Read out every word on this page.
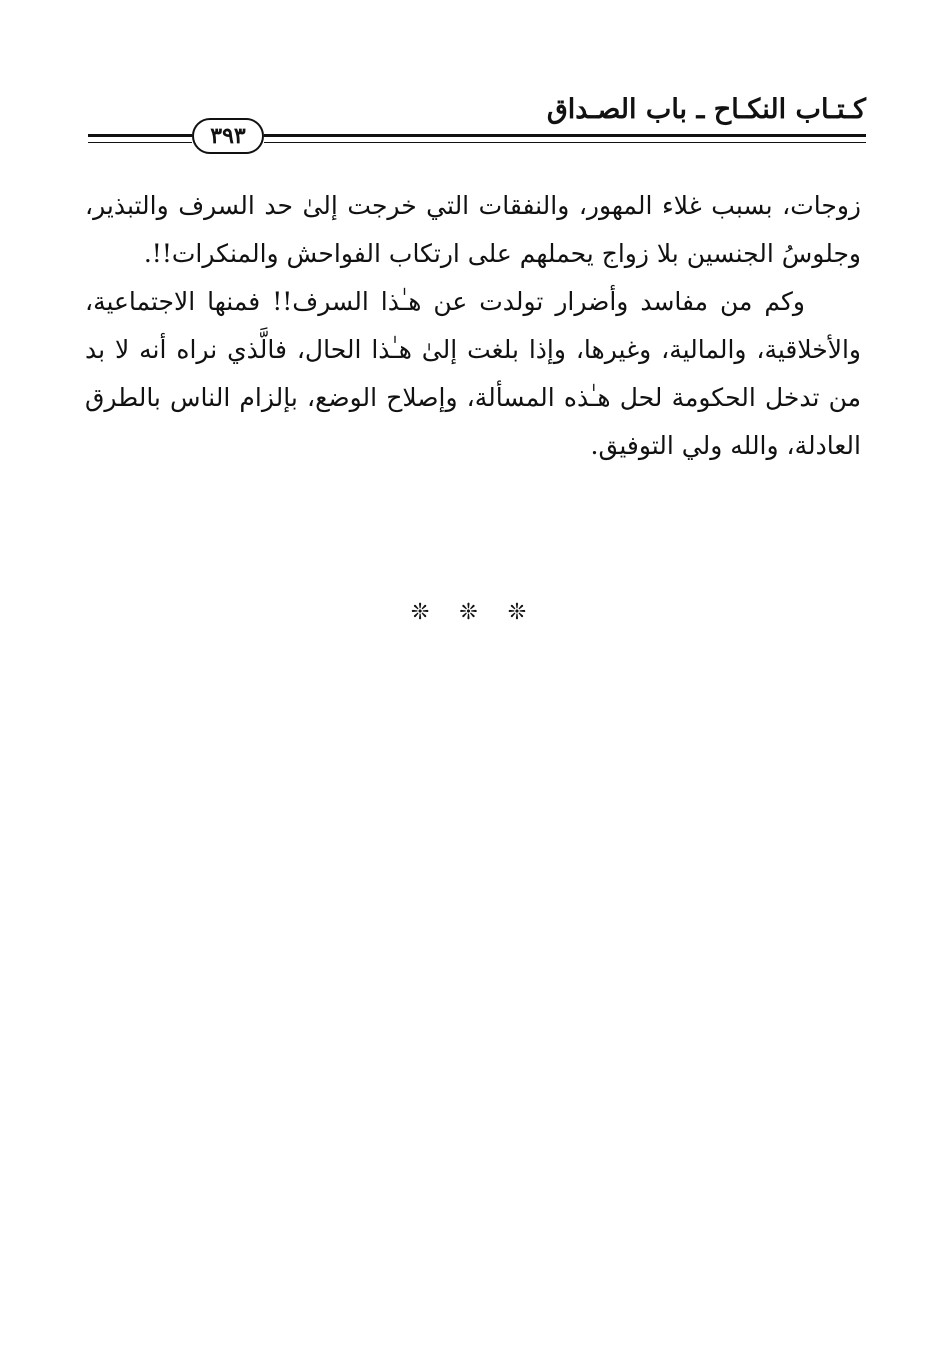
كـتـاب النكـاح ـ باب الصـداق
٣٩٣

زوجات، بسبب غلاء المهور، والنفقات التي خرجت إلىٰ حد السرف والتبذير، وجلوسُ الجنسين بلا زواج يحملهم على ارتكاب الفواحش والمنكرات!!.

وكم من مفاسد وأضرار تولدت عن هـٰذا السرف!! فمنها الاجتماعية، والأخلاقية، والمالية، وغيرها، وإذا بلغت إلىٰ هـٰذا الحال، فالَّذي نراه أنه لا بد من تدخل الحكومة لحل هـٰذه المسألة، وإصلاح الوضع، بإلزام الناس بالطرق العادلة، والله ولي التوفيق.

❊❊❊
